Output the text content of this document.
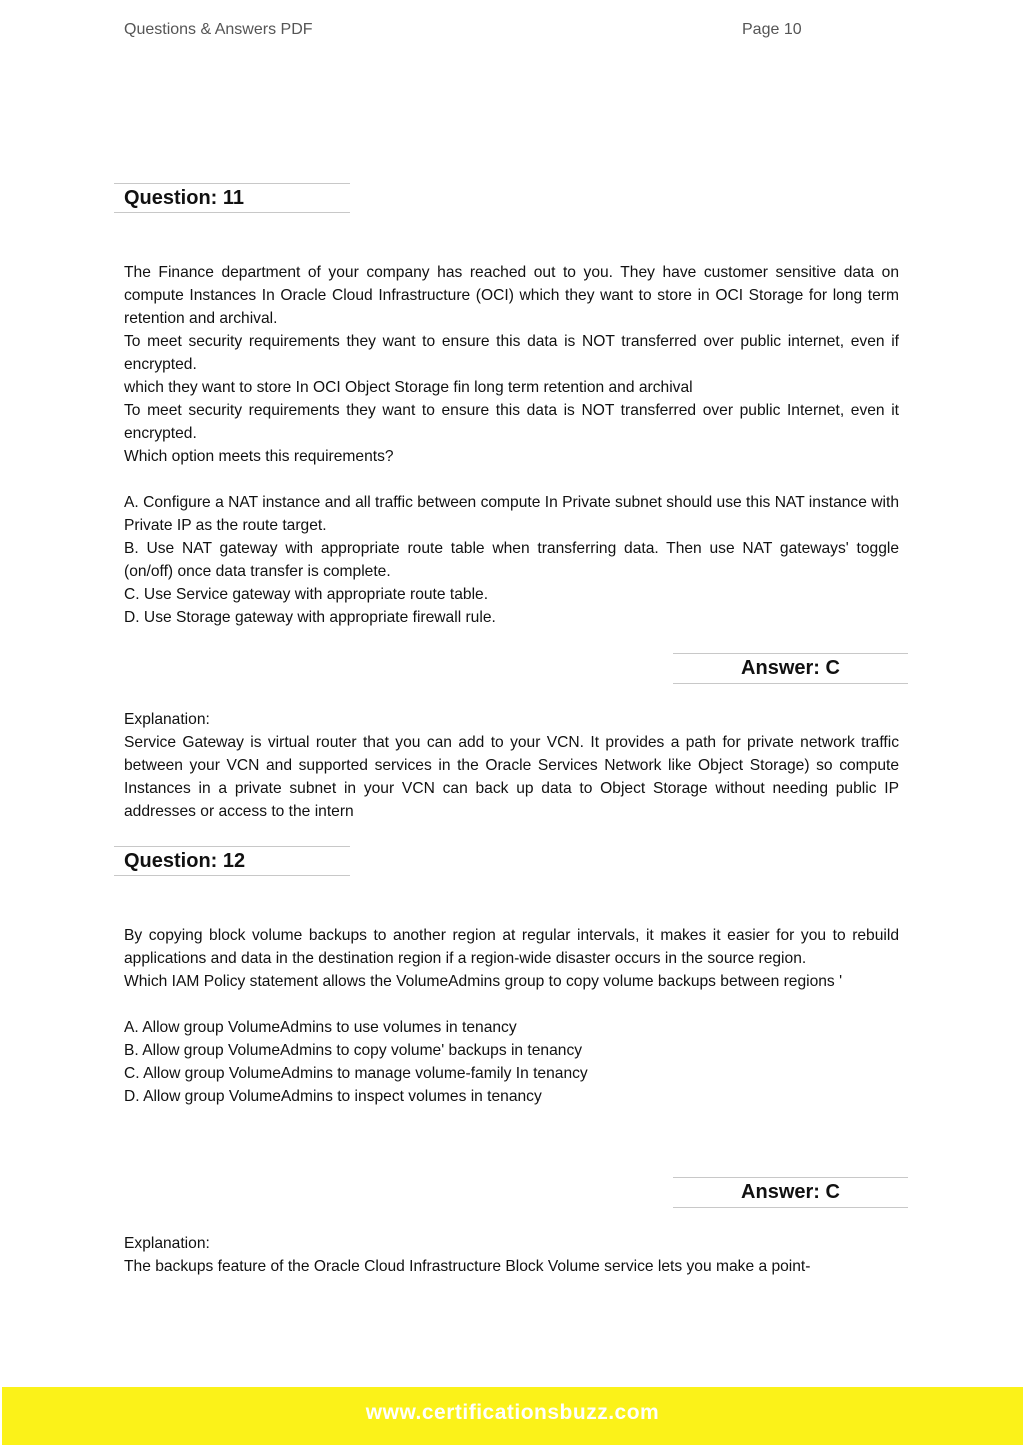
Questions & Answers PDF	Page 10
Question: 11

The Finance department of your company has reached out to you. They have customer sensitive data on compute Instances In Oracle Cloud Infrastructure (OCI) which they want to store in OCI Storage for long term retention and archival.

To meet security requirements they want to ensure this data is NOT transferred over public internet, even if encrypted.

which they want to store In OCI Object Storage fin long term retention and archival

To meet security requirements they want to ensure this data is NOT transferred over public Internet, even it encrypted.

Which option meets this requirements?

A. Configure a NAT instance and all traffic between compute In Private subnet should use this NAT instance with Private IP as the route target.

B. Use NAT gateway with appropriate route table when transferring data. Then use NAT gateways' toggle (on/off) once data transfer is complete.

C. Use Service gateway with appropriate route table.

D. Use Storage gateway with appropriate firewall rule.

Answer: C

Explanation:

Service Gateway is virtual router that you can add to your VCN. It provides a path for private network traffic between your VCN and supported services in the Oracle Services Network like Object Storage) so compute Instances in a private subnet in your VCN can back up data to Object Storage without needing public IP addresses or access to the intern

Question: 12

By copying block volume backups to another region at regular intervals, it makes it easier for you to rebuild applications and data in the destination region if a region-wide disaster occurs in the source region.

Which IAM Policy statement allows the VolumeAdmins group to copy volume backups between regions '

A. Allow group VolumeAdmins to use volumes in tenancy

B. Allow group VolumeAdmins to copy volume' backups in tenancy

C. Allow group VolumeAdmins to manage volume-family In tenancy

D. Allow group VolumeAdmins to inspect volumes in tenancy

Answer: C

Explanation:

The backups feature of the Oracle Cloud Infrastructure Block Volume service lets you make a point-

www.certificationsbuzz.com
